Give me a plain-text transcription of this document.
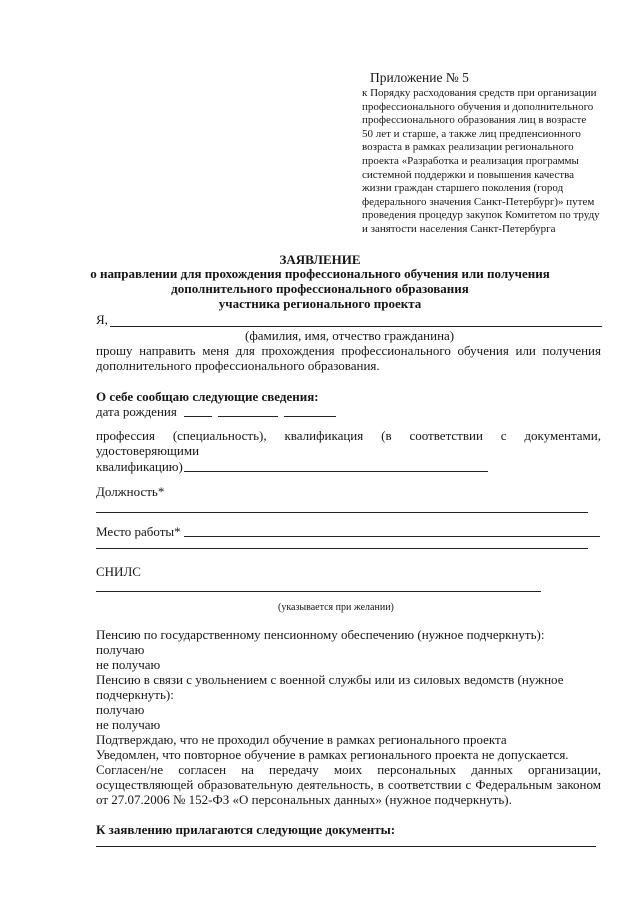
Приложение № 5
к Порядку расходования средств при организации
профессионального обучения и дополнительного
профессионального образования лиц в возрасте
50 лет и старше, а также лиц предпенсионного
возраста в рамках реализации регионального
проекта «Разработка и реализация программы
системной поддержки и повышения качества
жизни граждан старшего поколения (город
федерального значения Санкт-Петербург)» путем
проведения процедур закупок Комитетом по труду
и занятости населения Санкт-Петербурга
ЗАЯВЛЕНИЕ
о направлении для прохождения профессионального обучения или получения
дополнительного профессионального образования
участника регионального проекта
Я,
(фамилия, имя, отчество гражданина)
прошу направить меня для прохождения профессионального обучения или получения
дополнительного профессионального образования.
О себе сообщаю следующие сведения:
дата рождения
профессия (специальность), квалификация (в соответствии с документами,
удостоверяющими
квалификацию)
Должность*
Место работы*
СНИЛС
(указывается при желании)
Пенсию по государственному пенсионному обеспечению (нужное подчеркнуть):
получаю
не получаю
Пенсию в связи с увольнением с военной службы или из силовых ведомств (нужное
подчеркнуть):
получаю
не получаю
Подтверждаю, что не проходил обучение в рамках регионального проекта
Уведомлен, что повторное обучение в рамках регионального проекта не допускается.
Согласен/не согласен на передачу моих персональных данных организации,
осуществляющей образовательную деятельность, в соответствии с Федеральным законом
от 27.07.2006 № 152-ФЗ «О персональных данных» (нужное подчеркнуть).
К заявлению прилагаются следующие документы:
